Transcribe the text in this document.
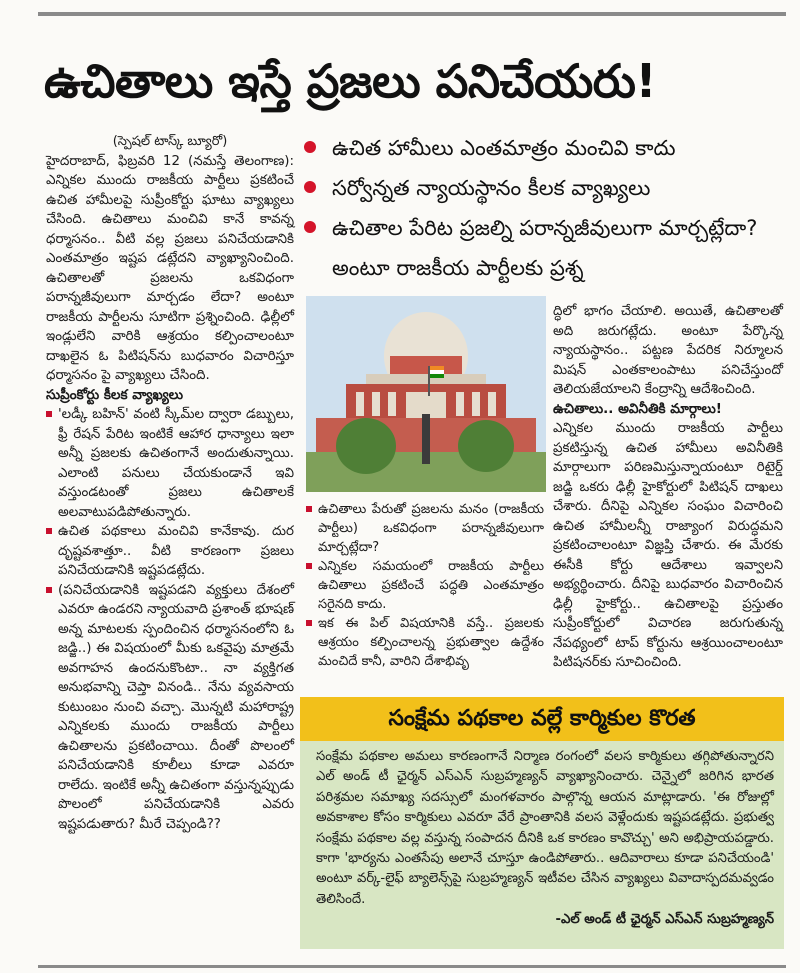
ఉచితాలు ఇస్తే ప్రజలు పనిచేయరు!
ఉచిత హామీలు ఎంతమాత్రం మంచివి కాదు
సర్వోన్నత న్యాయస్థానం కీలక వ్యాఖ్యలు
ఉచితాల పేరిట ప్రజల్ని పరాన్నజీవులుగా మార్చట్లేదా? అంటూ రాజకీయ పార్టీలకు ప్రశ్న
(స్పెషల్ టాస్క్ బ్యూరో)

హైదరాబాద్, ఫిబ్రవరి 12 (నమస్తే తెలంగాణ): ఎన్నికల ముందు రాజకీయ పార్టీలు ప్రకటించే ఉచిత హామీలపై సుప్రీంకోర్టు ఘాటు వ్యాఖ్యలు చేసింది. ఉచితాలు మంచివి కానే కావన్న ధర్మాసనం.. వీటి వల్ల ప్రజలు పనిచేయడానికి ఎంతమాత్రం ఇష్టప డట్లేదని వ్యాఖ్యానించింది. ఉచితాలతో ప్రజలను ఒకవిధంగా పరాన్నజీవులుగా మార్చడం లేదా? అంటూ రాజకీయ పార్టీలను సూటిగా ప్రశ్నించింది. ఢిల్లీలో ఇండ్లులేని వారికి ఆశ్రయం కల్పించాలంటూ దాఖలైన ఓ పిటిషన్‌ను బుధవారం విచారిస్తూ ధర్మాసనం పై వ్యాఖ్యలు చేసింది.

సుప్రీంకోర్టు కీలక వ్యాఖ్యలు

'లడ్కీ బహిన్' వంటి స్కీమ్‌ల ద్వారా డబ్బులు, ఫ్రీ రేషన్ పేరిట ఇంటికే ఆహార ధాన్యాలు ఇలా అన్నీ ప్రజలకు ఉచితంగానే అందుతున్నాయి. ఎలాంటి పనులు చేయకుండానే ఇవి వస్తుండటంతో ప్రజలు ఉచితాలకే అలవాటుపడిపోతున్నారు.

ఉచిత పథకాలు మంచివి కానేకావు. దుర దృష్టవశాత్తూ.. వీటి కారణంగా ప్రజలు పనిచేయడానికి ఇష్టపడట్లేదు.

(పనిచేయడానికి ఇష్టపడని వ్యక్తులు దేశంలో ఎవరూ ఉండరని న్యాయవాది ప్రశాంత్ భూషణ్ అన్న మాటలకు స్పందించిన ధర్మాసనంలోని ఓ జడ్జి..) ఈ విషయంలో మీకు ఒకవైపు మాత్రమే అవగాహన ఉందనుకొంటా.. నా వ్యక్తిగత అనుభవాన్ని చెప్తా వినండి.. నేను వ్యవసాయ కుటుంబం నుంచి వచ్చా. మొన్నటి మహారాష్ట్ర ఎన్నికలకు ముందు రాజకీయ పార్టీలు ఉచితాలను ప్రకటించాయి. దీంతో పొలంలో పనిచేయడానికి కూలీలు కూడా ఎవరూ రాలేదు. ఇంటికే అన్నీ ఉచితంగా వస్తున్నప్పుడు పొలంలో పనిచేయడానికి ఎవరు ఇష్టపడుతారు? మీరే చెప్పండి??

ఉచితాలు పేరుతో ప్రజలను మనం (రాజకీయ పార్టీలు) ఒకవిధంగా పరాన్నజీవులుగా మార్చట్లేదా?

ఎన్నికల సమయంలో రాజకీయ పార్టీలు ఉచితాలు ప్రకటించే పద్ధతి ఎంతమాత్రం సరైనది కాదు.

ఇక ఈ పిల్ విషయానికి వస్తే.. ప్రజలకు ఆశ్రయం కల్పించాలన్న ప్రభుత్వాల ఉద్దేశం మంచిదే కానీ, వారిని దేశాభివృ

ద్ధిలో భాగం చేయాలి. అయితే, ఉచితాలతో అది జరుగట్లేదు. అంటూ పేర్కొన్న న్యాయస్థానం.. పట్టణ పేదరిక నిర్మూలన మిషన్ ఎంతకాలంపాటు పనిచేస్తుందో తెలియజేయాలని కేంద్రాన్ని ఆదేశించింది.

ఉచితాలు.. అవినీతికి మార్గాలు!

ఎన్నికల ముందు రాజకీయ పార్టీలు ప్రకటిస్తున్న ఉచిత హామీలు అవినీతికి మార్గాలుగా పరిణమిస్తున్నాయంటూ రిటైర్డ్ జడ్జి ఒకరు ఢిల్లీ హైకోర్టులో పిటిషన్ దాఖలు చేశారు. దీనిపై ఎన్నికల సంఘం విచారించి ఉచిత హామీలన్నీ రాజ్యాంగ విరుద్ధమని ప్రకటించాలంటూ విజ్ఞప్తి చేశారు. ఈ మేరకు ఈసీకి కోర్టు ఆదేశాలు ఇవ్వాలని అభ్యర్థించారు. దీనిపై బుధవారం విచారించిన ఢిల్లీ హైకోర్టు.. ఉచితాలపై ప్రస్తుతం సుప్రీంకోర్టులో విచారణ జరుగుతున్న నేపథ్యంలో టాప్ కోర్టును ఆశ్రయించాలంటూ పిటిషనర్‌కు సూచించింది.

సంక్షేమ పథకాల వల్లే కార్మికుల కొరత

సంక్షేమ పథకాల అమలు కారణంగానే నిర్మాణ రంగంలో వలస కార్మికులు తగ్గిపోతున్నారని ఎల్ అండ్ టీ ఛైర్మన్ ఎస్ఎన్ సుబ్రహ్మణ్యన్ వ్యాఖ్యానించారు. చెన్నైలో జరిగిన భారత పరిశ్రమల సమాఖ్య సదస్సులో మంగళవారం పాల్గొన్న ఆయన మాట్లాడారు. 'ఈ రోజుల్లో అవకాశాల కోసం కార్మికులు ఎవరూ వేరే ప్రాంతానికి వలస వెళ్లేందుకు ఇష్టపడట్లేదు. ప్రభుత్వ సంక్షేమ పథకాల వల్ల వస్తున్న సంపాదన దీనికి ఒక కారణం కావొచ్చు' అని అభిప్రాయపడ్డారు. కాగా 'భార్యను ఎంతసేపు అలానే చూస్తూ ఉండిపోతారు.. ఆదివారాలు కూడా పనిచేయండి' అంటూ వర్క్-లైఫ్ బ్యాలెన్స్‌పై సుబ్రహ్మణ్యన్ ఇటీవల చేసిన వ్యాఖ్యలు వివాదాస్పదమవ్వడం తెలిసిందే.

-ఎల్ అండ్ టీ ఛైర్మన్ ఎస్ఎన్ సుబ్రహ్మణ్యన్
